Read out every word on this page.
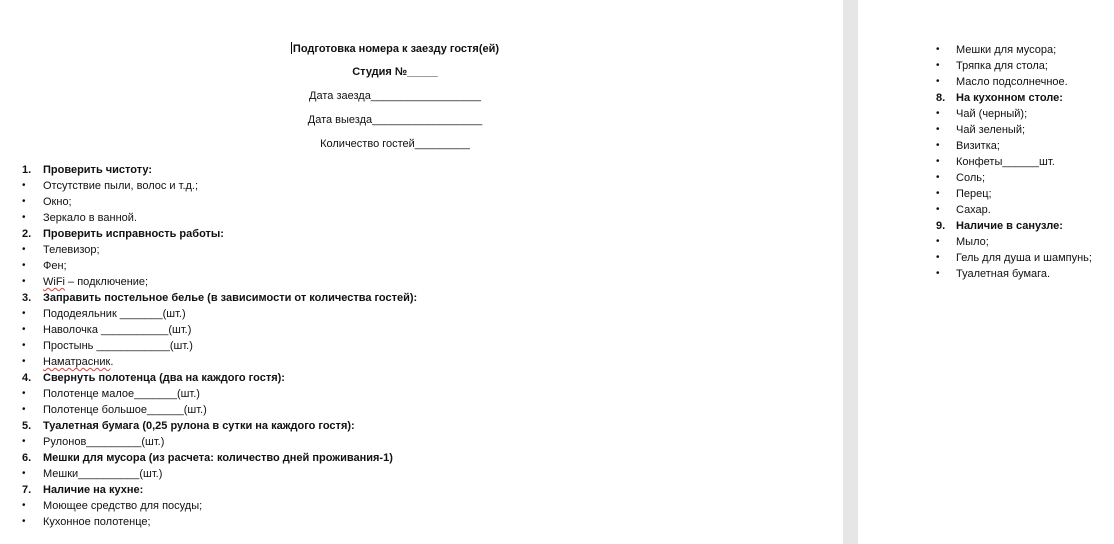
Подготовка номера к заезду гостя(ей)
Студия №_____
Дата заезда__________________
Дата выезда__________________
Количество гостей_________
1. Проверить чистоту:
• Отсутствие пыли, волос и т.д.;
• Окно;
• Зеркало в ванной.
2. Проверить исправность работы:
• Телевизор;
• Фен;
• WiFi – подключение;
3. Заправить постельное белье (в зависимости от количества гостей):
• Пододеяльник _______(шт.)
• Наволочка ___________(шт.)
• Простынь ____________(шт.)
• Наматрасник.
4. Свернуть полотенца (два на каждого гостя):
• Полотенце малое_______(шт.)
• Полотенце большое______(шт.)
5. Туалетная бумага (0,25 рулона в сутки на каждого гостя):
• Рулонов_________(шт.)
6. Мешки для мусора (из расчета: количество дней проживания-1)
• Мешки__________(шт.)
7. Наличие на кухне:
• Моющее средство для посуды;
• Кухонное полотенце;
• Мешки для мусора;
• Тряпка для стола;
• Масло подсолнечное.
8. На кухонном столе:
• Чай (черный);
• Чай зеленый;
• Визитка;
• Конфеты______шт.
• Соль;
• Перец;
• Сахар.
9. Наличие в санузле:
• Мыло;
• Гель для душа и шампунь;
• Туалетная бумага.
